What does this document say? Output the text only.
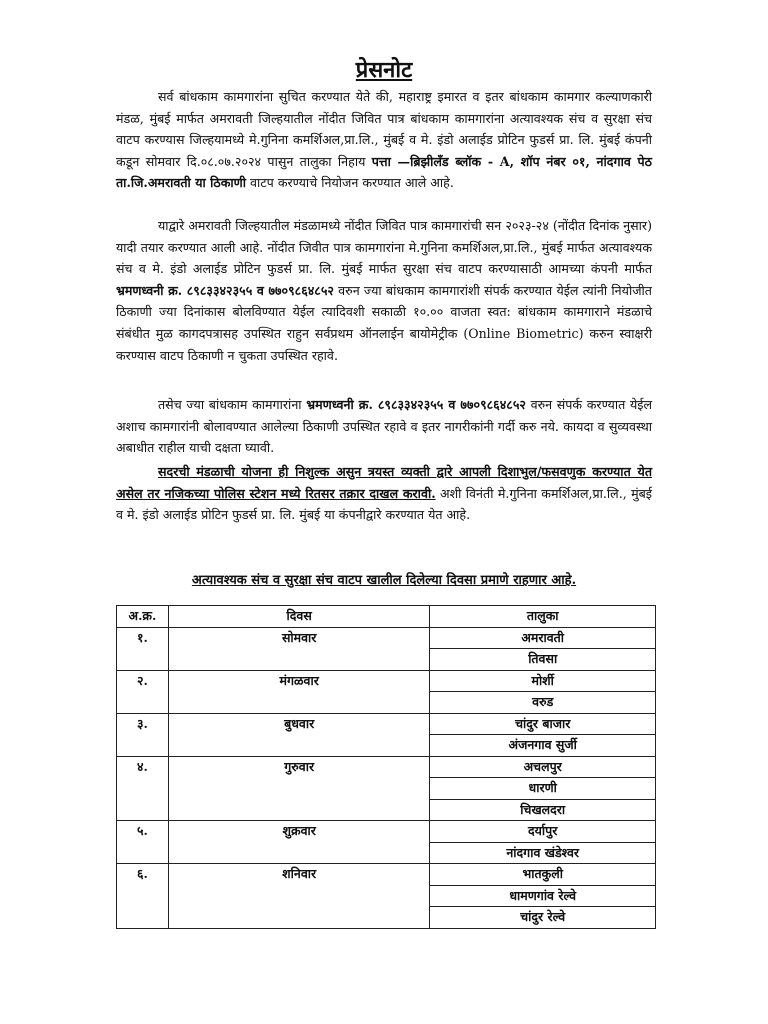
प्रेसनोट

सर्व बांधकाम कामगारांना सुचित करण्यात येते की, महाराष्ट्र इमारत व इतर बांधकाम कामगार कल्याणकारी मंडळ, मुंबई मार्फत अमरावती जिल्हयातील नोंदीत जिवित पात्र बांधकाम कामगारांना अत्यावश्यक संच व सुरक्षा संच वाटप करण्यास जिल्हयामध्ये मे.गुनिना कमर्शिअल,प्रा.लि., मुंबई व मे. इंडो अलाईड प्रोटिन फुडर्स प्रा. लि. मुंबई कंपनी कडून सोमवार दि.०८.०७.२०२४ पासुन तालुका निहाय पत्ता —ब्रिझीलँड ब्लॉक - A, शॉप नंबर ०१, नांदगाव पेठ ता.जि.अमरावती या ठिकाणी वाटप करण्याचे नियोजन करण्यात आले आहे.

याद्वारे अमरावती जिल्हयातील मंडळामध्ये नोंदीत जिवित पात्र कामगारांची सन २०२३-२४ (नोंदीत दिनांक नुसार) यादी तयार करण्यात आली आहे. नोंदीत जिवीत पात्र कामगारांना मे.गुनिना कमर्शिअल,प्रा.लि., मुंबई मार्फत अत्यावश्यक संच व मे. इंडो अलाईड प्रोटिन फुडर्स प्रा. लि. मुंबई मार्फत सुरक्षा संच वाटप करण्यासाठी आमच्या कंपनी मार्फत भ्रमणध्वनी क्र. ८९८३३४२३५५ व ७७०९८६४८५२ वरुन ज्या बांधकाम कामगारांशी संपर्क करण्यात येईल त्यांनी नियोजीत ठिकाणी ज्या दिनांकास बोलविण्यात येईल त्यादिवशी सकाळी १०.०० वाजता स्वत: बांधकाम कामगाराने मंडळाचे संबंधीत मुळ कागदपत्रासह उपस्थित राहुन सर्वप्रथम ऑनलाईन बायोमेट्रीक (Online Biometric) करुन स्वाक्षरी करण्यास वाटप ठिकाणी न चुकता उपस्थित रहावे.

तसेच ज्या बांधकाम कामगारांना भ्रमणध्वनी क्र. ८९८३३४२३५५ व ७७०९८६४८५२ वरुन संपर्क करण्यात येईल अशाच कामगारांनी बोलावण्यात आलेल्या ठिकाणी उपस्थित रहावे व इतर नागरीकांनी गर्दी करु नये. कायदा व सुव्यवस्था अबाधीत राहील याची दक्षता घ्यावी.

सदरची मंडळाची योजना ही निशुल्क असुन त्रयस्त व्यक्ती द्वारे आपली दिशाभुल/फसवणुक करण्यात येत असेल तर नजिकच्या पोलिस स्टेशन मध्ये रितसर तक्रार दाखल करावी. अशी विनंती मे.गुनिना कमर्शिअल,प्रा.लि., मुंबई व मे. इंडो अलाईड प्रोटिन फुडर्स प्रा. लि. मुंबई या कंपनीद्वारे करण्यात येत आहे.

अत्यावश्यक संच व सुरक्षा संच वाटप खालील दिलेल्या दिवसा प्रमाणे राहणार आहे.
अ.क्र.	दिवस	तालुका
१.	सोमवार	अमरावती
		तिवसा
२.	मंगळवार	मोर्शी
		वरुड
३.	बुधवार	चांदुर बाजार
		अंजनगाव सुर्जी
४.	गुरुवार	अचलपुर
		धारणी
		चिखलदरा
५.	शुक्रवार	दर्यापुर
		नांदगाव खंडेश्वर
६.	शनिवार	भातकुली
		धामणगांव रेल्वे
		चांदुर रेल्वे
